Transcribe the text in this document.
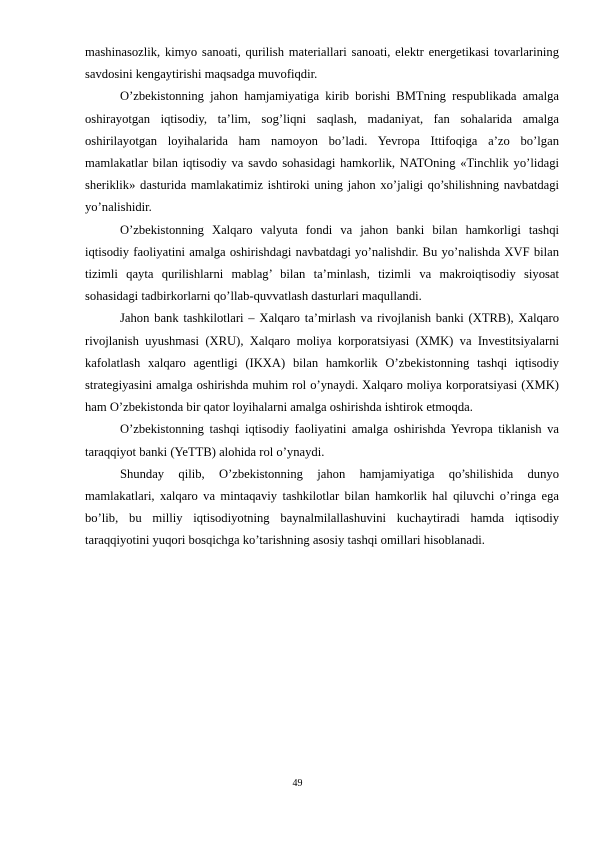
mashinasozlik, kimyo sanoati, qurilish materiallari sanoati, elektr energetikasi tovarlarining savdosini kengaytirishi maqsadga muvofiqdir.

O’zbekistonning jahon hamjamiyatiga kirib borishi BMTning respublikada amalga oshirayotgan iqtisodiy, ta’lim, sog’liqni saqlash, madaniyat, fan sohalarida amalga oshirilayotgan loyihalarida ham namoyon bo’ladi. Yevropa Ittifoqiga a’zo bo’lgan mamlakatlar bilan iqtisodiy va savdo sohasidagi hamkorlik, NATOning «Tinchlik yo’lidagi sheriklik» dasturida mamlakatimiz ishtiroki uning jahon xo’jaligi qo’shilishning navbatdagi yo’nalishidir.

O’zbekistonning Xalqaro valyuta fondi va jahon banki bilan hamkorligi tashqi iqtisodiy faoliyatini amalga oshirishdagi navbatdagi yo’nalishdir. Bu yo’nalishda XVF bilan tizimli qayta qurilishlarni mablag’ bilan ta’minlash, tizimli va makroiqtisodiy siyosat sohasidagi tadbirkorlarni qo’llab-quvvatlash dasturlari maqullandi.

Jahon bank tashkilotlari – Xalqaro ta’mirlash va rivojlanish banki (XTRB), Xalqaro rivojlanish uyushmasi (XRU), Xalqaro moliya korporatsiyasi (XMK) va Investitsiyalarni kafolatlash xalqaro agentligi (IKXA) bilan hamkorlik O’zbekistonning tashqi iqtisodiy strategiyasini amalga oshirishda muhim rol o’ynaydi. Xalqaro moliya korporatsiyasi (XMK) ham O’zbekistonda bir qator loyihalarni amalga oshirishda ishtirok etmoqda.

O’zbekistonning tashqi iqtisodiy faoliyatini amalga oshirishda Yevropa tiklanish va taraqqiyot banki (YeTTB) alohida rol o’ynaydi.

Shunday qilib, O’zbekistonning jahon hamjamiyatiga qo’shilishida dunyo mamlakatlari, xalqaro va mintaqaviy tashkilotlar bilan hamkorlik hal qiluvchi o’ringa ega bo’lib, bu milliy iqtisodiyotning baynalmilallashuvini kuchaytiradi hamda iqtisodiy taraqqiyotini yuqori bosqichga ko’tarishning asosiy tashqi omillari hisoblanadi.

49
